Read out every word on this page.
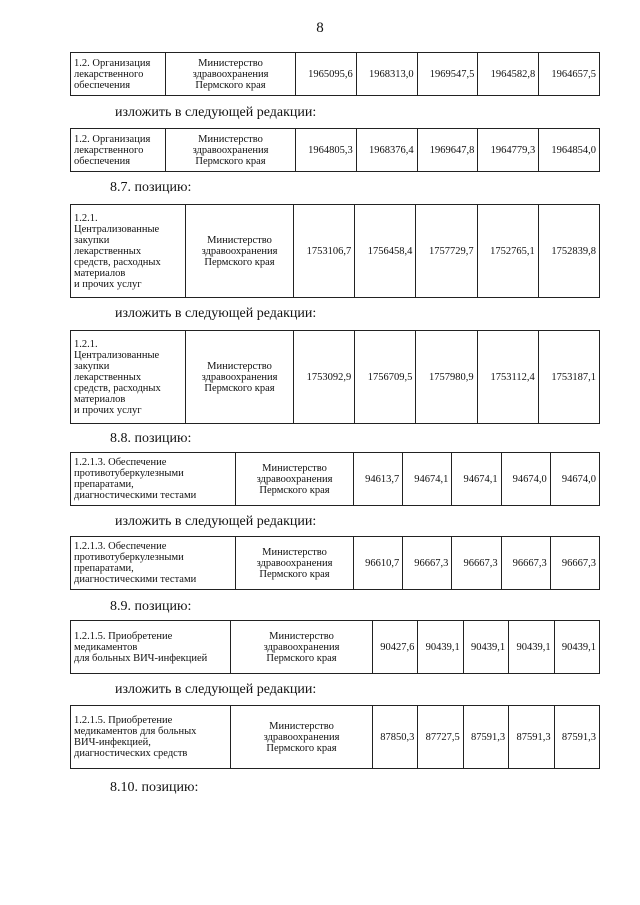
8
1.2. Организация
лекарственного
обеспечения

Министерство
здравоохранения
Пермского края
	1965095,6	1968313,0	1969547,5	1964582,8	1964657,5
изложить в следующей редакции:
1.2. Организация
лекарственного
обеспечения

Министерство
здравоохранения
Пермского края
	1964805,3	1968376,4	1969647,8	1964779,3	1964854,0
8.7. позицию:
1.2.1.
Централизованные
закупки
лекарственных
средств, расходных
материалов
и прочих услуг

Министерство
здравоохранения
Пермского края
	1753106,7	1756458,4	1757729,7	1752765,1	1752839,8
изложить в следующей редакции:
1.2.1.
Централизованные
закупки
лекарственных
средств, расходных
материалов
и прочих услуг

Министерство
здравоохранения
Пермского края
	1753092,9	1756709,5	1757980,9	1753112,4	1753187,1
8.8. позицию:
1.2.1.3. Обеспечение
противотуберкулезными
препаратами,
диагностическими тестами

Министерство
здравоохранения
Пермского края
	94613,7	94674,1	94674,1	94674,0	94674,0
изложить в следующей редакции:
1.2.1.3. Обеспечение
противотуберкулезными
препаратами,
диагностическими тестами

Министерство
здравоохранения
Пермского края
	96610,7	96667,3	96667,3	96667,3	96667,3
8.9. позицию:
1.2.1.5. Приобретение
медикаментов
для больных ВИЧ-инфекцией

Министерство
здравоохранения
Пермского края
	90427,6	90439,1	90439,1	90439,1	90439,1
изложить в следующей редакции:
1.2.1.5. Приобретение
медикаментов для больных
ВИЧ-инфекцией,
диагностических средств

Министерство
здравоохранения
Пермского края
	87850,3	87727,5	87591,3	87591,3	87591,3
8.10. позицию:
